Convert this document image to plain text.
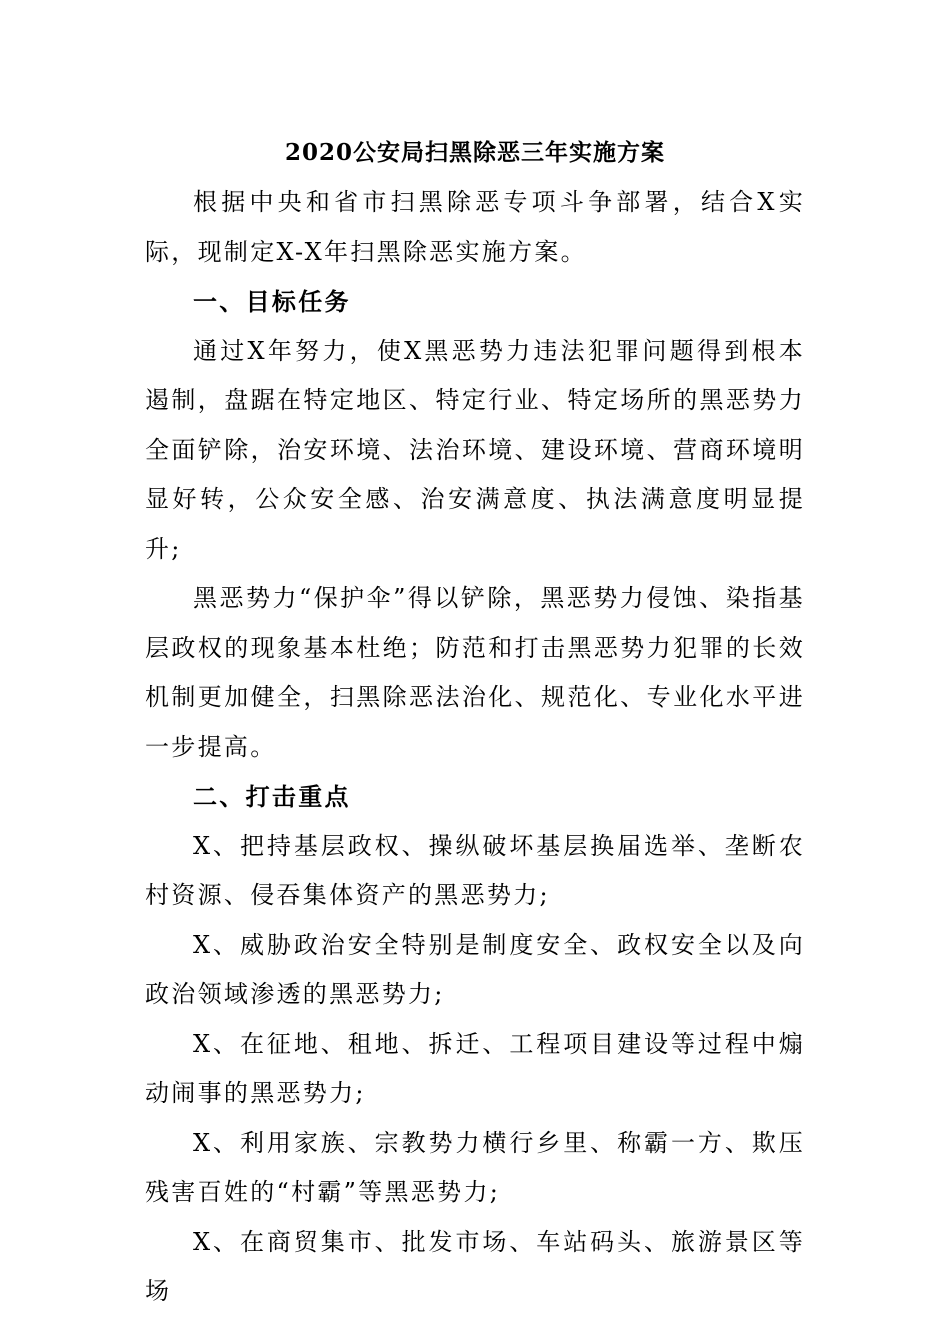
2020公安局扫黑除恶三年实施方案

根据中央和省市扫黑除恶专项斗争部署，结合X实际，现制定X-X年扫黑除恶实施方案。

一、目标任务

通过X年努力，使X黑恶势力违法犯罪问题得到根本遏制，盘踞在特定地区、特定行业、特定场所的黑恶势力全面铲除，治安环境、法治环境、建设环境、营商环境明显好转，公众安全感、治安满意度、执法满意度明显提升;

黑恶势力“保护伞”得以铲除，黑恶势力侵蚀、染指基层政权的现象基本杜绝；防范和打击黑恶势力犯罪的长效机制更加健全，扫黑除恶法治化、规范化、专业化水平进一步提高。

二、打击重点

X、把持基层政权、操纵破坏基层换届选举、垄断农村资源、侵吞集体资产的黑恶势力;

X、威胁政治安全特别是制度安全、政权安全以及向政治领域渗透的黑恶势力;

X、在征地、租地、拆迁、工程项目建设等过程中煽动闹事的黑恶势力;

X、利用家族、宗教势力横行乡里、称霸一方、欺压残害百姓的“村霸”等黑恶势力;

X、在商贸集市、批发市场、车站码头、旅游景区等场
